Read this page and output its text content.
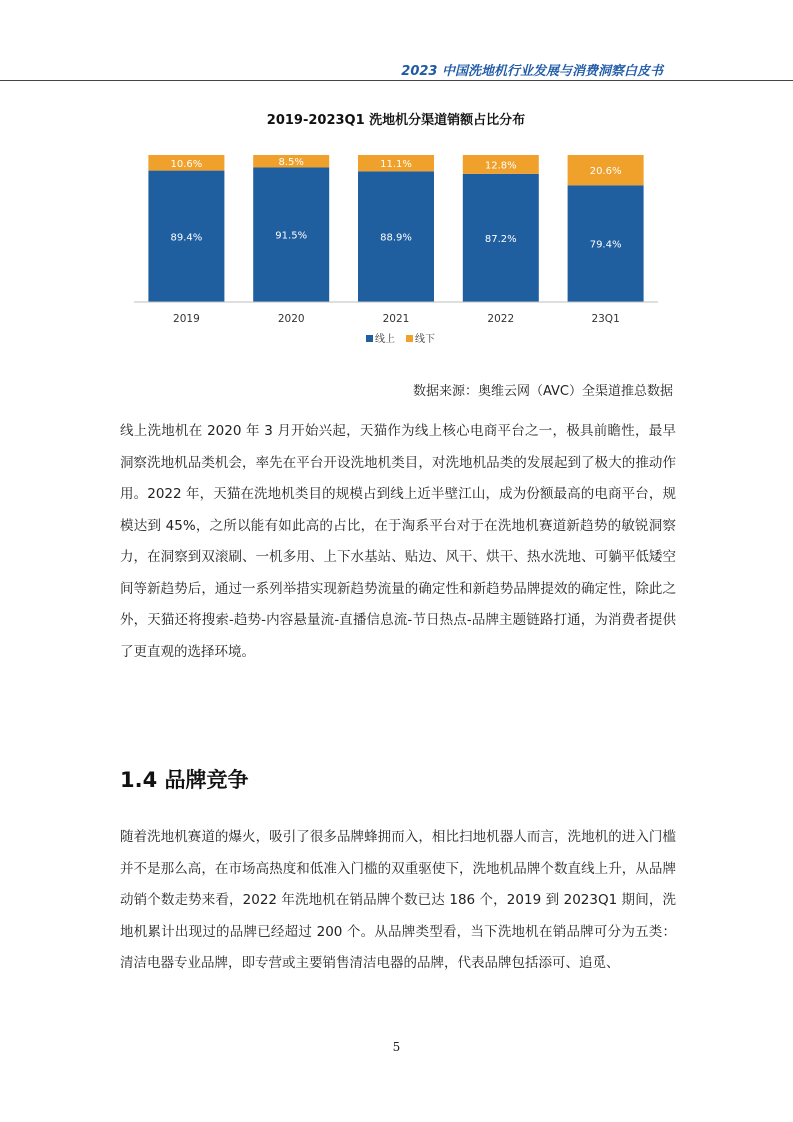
2023 中国洗地机行业发展与消费洞察白皮书
2019-2023Q1 洗地机分渠道销额占比分布
89.4%
10.6%
91.5%
8.5%
88.9%
11.1%
87.2%
12.8%
79.4%
20.6%
2019	2020	2021	2022	23Q1
线上 线下
数据来源：奥维云网（AVC）全渠道推总数据

线上洗地机在 2020 年 3 月开始兴起，天猫作为线上核心电商平台之一，极具前瞻性，最早洞察洗地机品类机会，率先在平台开设洗地机类目，对洗地机品类的发展起到了极大的推动作用。2022 年，天猫在洗地机类目的规模占到线上近半壁江山，成为份额最高的电商平台，规模达到 45%，之所以能有如此高的占比，在于淘系平台对于在洗地机赛道新趋势的敏锐洞察力，在洞察到双滚刷、一机多用、上下水基站、贴边、风干、烘干、热水洗地、可躺平低矮空间等新趋势后，通过一系列举措实现新趋势流量的确定性和新趋势品牌提效的确定性，除此之外，天猫还将搜索-趋势-内容悬量流-直播信息流-节日热点-品牌主题链路打通，为消费者提供了更直观的选择环境。

1.4 品牌竞争

随着洗地机赛道的爆火，吸引了很多品牌蜂拥而入，相比扫地机器人而言，洗地机的进入门槛并不是那么高，在市场高热度和低准入门槛的双重驱使下，洗地机品牌个数直线上升，从品牌动销个数走势来看，2022 年洗地机在销品牌个数已达 186 个，2019 到 2023Q1 期间，洗地机累计出现过的品牌已经超过 200 个。从品牌类型看，当下洗地机在销品牌可分为五类：清洁电器专业品牌，即专营或主要销售清洁电器的品牌，代表品牌包括添可、追觅、

5
